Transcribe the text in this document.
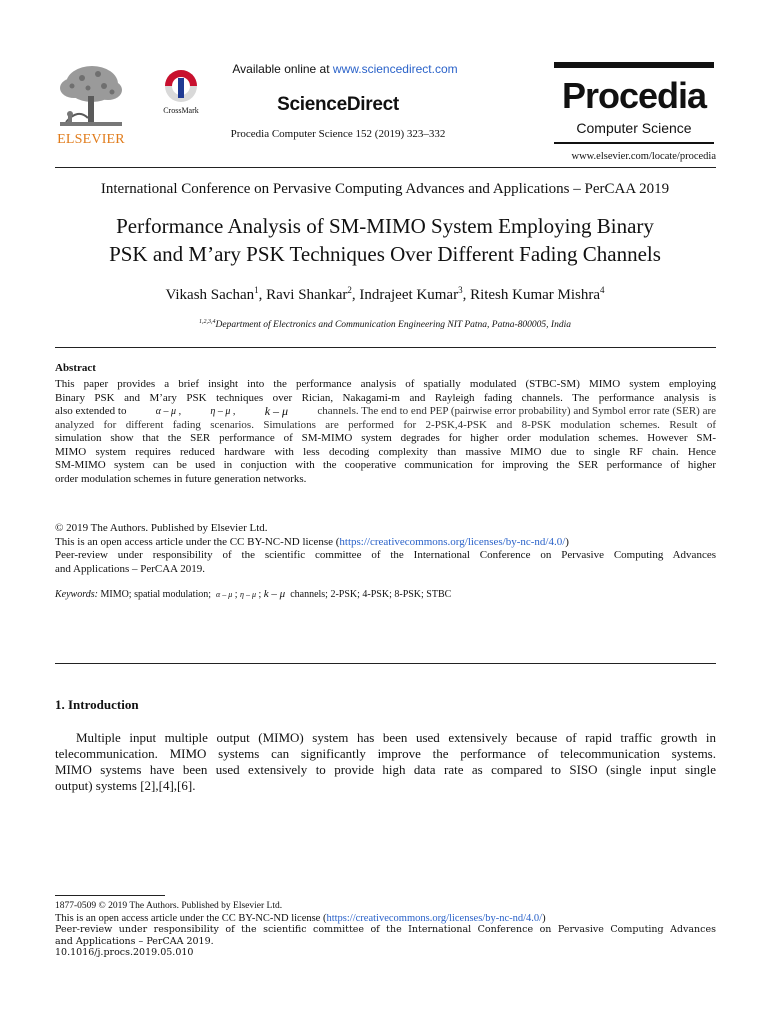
ELSEVIER
CrossMark
Available online at www.sciencedirect.com
ScienceDirect
Procedia Computer Science 152 (2019) 323–332
Procedia
Computer Science
www.elsevier.com/locate/procedia
International Conference on Pervasive Computing Advances and Applications – PerCAA 2019
Performance Analysis of SM-MIMO System Employing Binary
PSK and M’ary PSK Techniques Over Different Fading Channels
Vikash Sachan$^1$, Ravi Shankar$^2$, Indrajeet Kumar$^3$, Ritesh Kumar Mishra$^4$
$^{1,2,3,4}$Department of Electronics and Communication Engineering NIT Patna, Patna-800005, India
Abstract
This paper provides a brief insight into the performance analysis of spatially modulated (STBC-SM) MIMO system employing
Binary PSK and M’ary PSK techniques over Rician, Nakagami-m and Rayleigh fading channels. The performance analysis is
also extended to	α – μ ,	η – μ , k – μ	channels. The end to end PEP (pairwise error probability) and Symbol error rate (SER) are
analyzed for different fading scenarios. Simulations are performed for 2-PSK,4-PSK and 8-PSK modulation schemes. Result of
simulation show that the SER performance of SM-MIMO system degrades for higher order modulation schemes. However SM-
MIMO system requires reduced hardware with less decoding complexity than massive MIMO due to single RF chain. Hence
SM-MIMO system can be used in conjuction with the cooperative communication for improving the SER performance of higher
order modulation schemes in future generation networks.
© 2019 The Authors. Published by Elsevier Ltd.
This is an open access article under the CC BY-NC-ND license (https://creativecommons.org/licenses/by-nc-nd/4.0/)
Peer-review under responsibility of the scientific committee of the International Conference on Pervasive Computing Advances
and Applications – PerCAA 2019.
Keywords: MIMO; spatial modulation; α – μ ; η – μ ; k – μ channels; 2-PSK; 4-PSK; 8-PSK; STBC
1. Introduction
Multiple input multiple output (MIMO) system has been used extensively because of rapid traffic growth in
telecommunication. MIMO systems can significantly improve the performance of telecommunication systems.
MIMO systems have been used extensively to provide high data rate as compared to SISO (single input single
output) systems [2],[4],[6].
1877-0509 © 2019 The Authors. Published by Elsevier Ltd.
This is an open access article under the CC BY-NC-ND license (https://creativecommons.org/licenses/by-nc-nd/4.0/)
Peer-review under responsibility of the scientific committee of the International Conference on Pervasive Computing Advances
and Applications – PerCAA 2019.
10.1016/j.procs.2019.05.010
